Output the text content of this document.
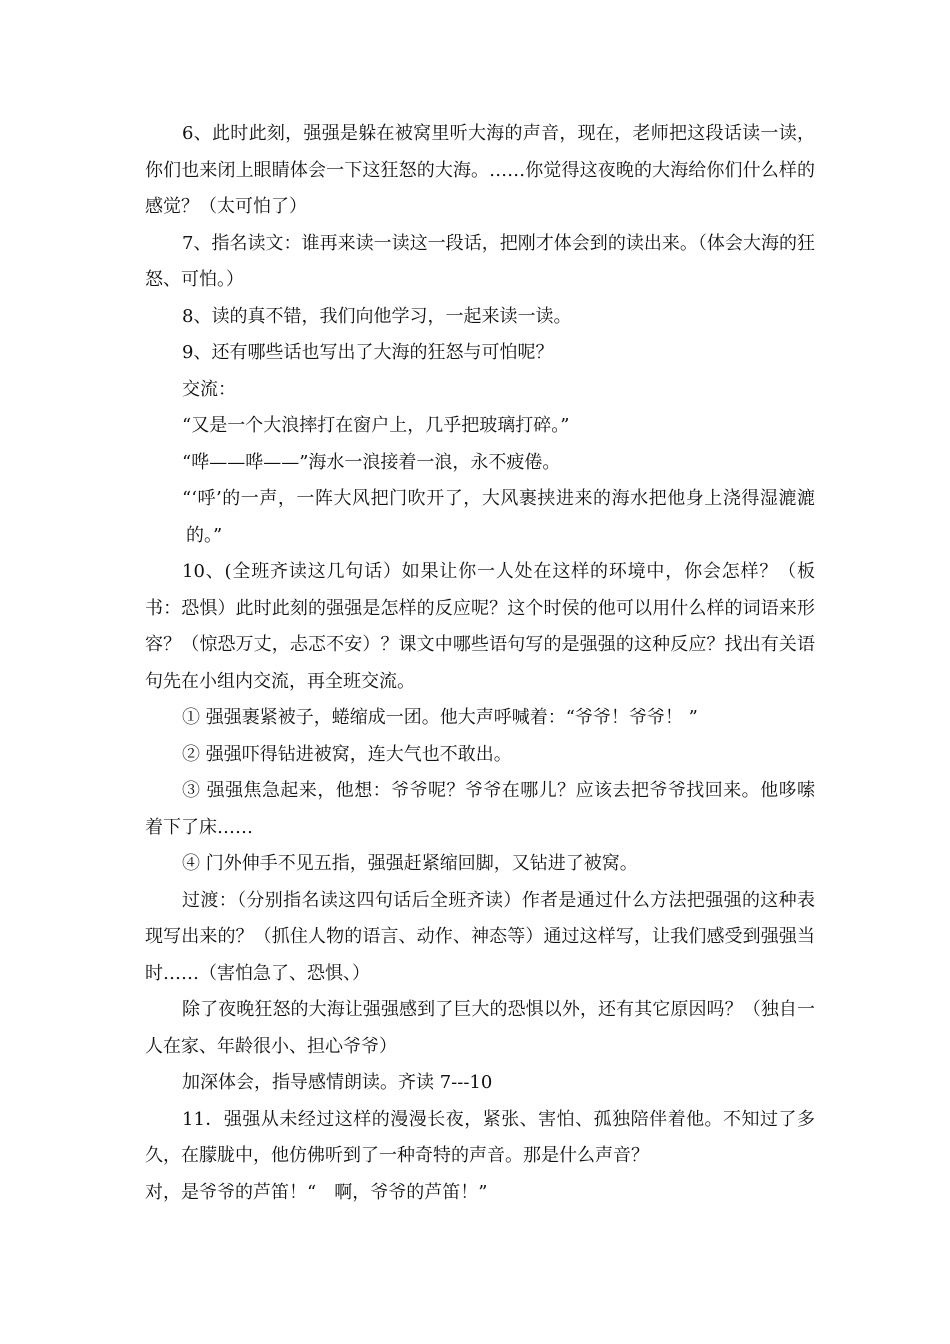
6、此时此刻，强强是躲在被窝里听大海的声音，现在，老师把这段话读一读，你们也来闭上眼睛体会一下这狂怒的大海。……你觉得这夜晚的大海给你们什么样的感觉？（太可怕了）

7、指名读文：谁再来读一读这一段话，把刚才体会到的读出来。（体会大海的狂怒、可怕。）

8、读的真不错，我们向他学习，一起来读一读。

9、还有哪些话也写出了大海的狂怒与可怕呢？

交流：

“又是一个大浪摔打在窗户上，几乎把玻璃打碎。”

“哗——哗——”海水一浪接着一浪，永不疲倦。

“‘呼’的一声，一阵大风把门吹开了，大风裹挟进来的海水把他身上浇得湿漉漉的。”

10、(全班齐读这几句话）如果让你一人处在这样的环境中，你会怎样？（板书：恐惧）此时此刻的强强是怎样的反应呢？这个时侯的他可以用什么样的词语来形容？（惊恐万丈，忐忑不安）？课文中哪些语句写的是强强的这种反应？找出有关语句先在小组内交流，再全班交流。

① 强强裹紧被子，蜷缩成一团。他大声呼喊着：“爷爷！爷爷！ ”

② 强强吓得钻进被窝，连大气也不敢出。

③ 强强焦急起来，他想：爷爷呢？爷爷在哪儿？应该去把爷爷找回来。他哆嗦着下了床……

④ 门外伸手不见五指，强强赶紧缩回脚，又钻进了被窝。

过渡：（分别指名读这四句话后全班齐读）作者是通过什么方法把强强的这种表现写出来的？（抓住人物的语言、动作、神态等）通过这样写，让我们感受到强强当时……（害怕急了、恐惧、）

除了夜晚狂怒的大海让强强感到了巨大的恐惧以外，还有其它原因吗？（独自一人在家、年龄很小、担心爷爷）

加深体会，指导感情朗读。齐读 7---10

11．强强从未经过这样的漫漫长夜，紧张、害怕、孤独陪伴着他。不知过了多久，在朦胧中，他仿佛听到了一种奇特的声音。那是什么声音？

对，是爷爷的芦笛！“　啊，爷爷的芦笛！”
